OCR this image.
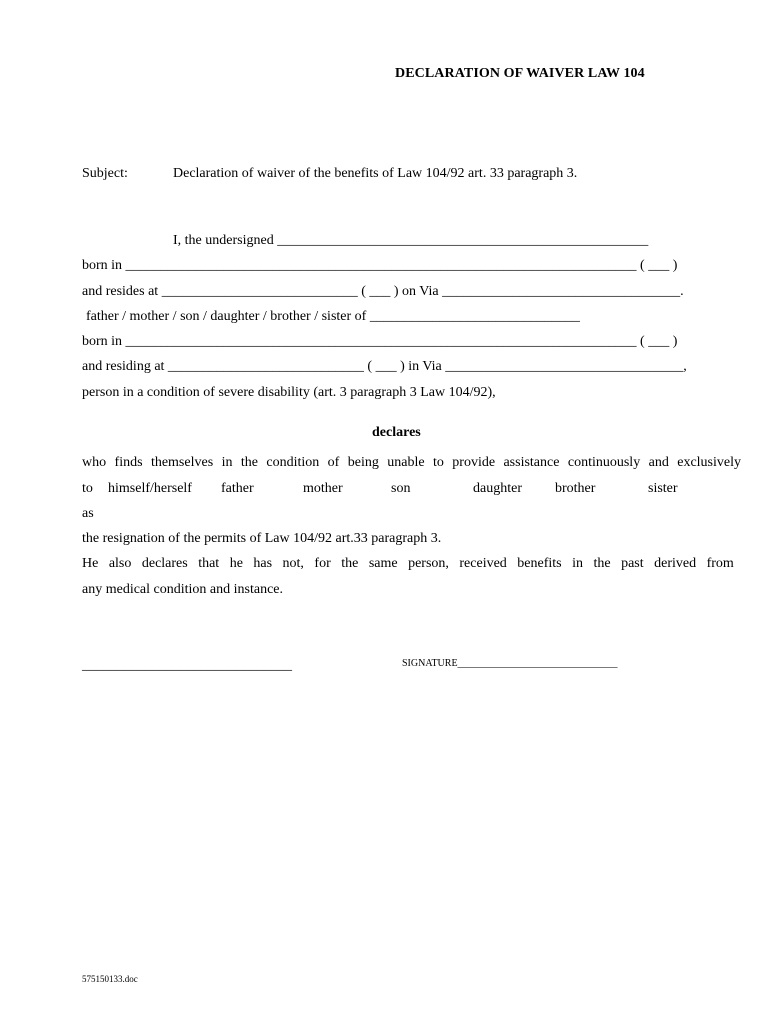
DECLARATION OF WAIVER LAW 104
Subject:	Declaration of waiver of the benefits of Law 104/92 art. 33 paragraph 3.
I, the undersigned _____________________________________________________
born in _________________________________________________________________________ ( ___ )
and resides at ____________________________ ( ___ ) on Via __________________________________.
father / mother / son / daughter / brother / sister of ______________________________
born in _________________________________________________________________________ ( ___ )
and residing at ____________________________ ( ___ ) in Via __________________________________,
person in a condition of severe disability (art. 3 paragraph 3 Law 104/92),
declares
who finds themselves in the condition of being unable to provide assistance continuously and exclusively
to himself/herself father	mother	son	daughter brother	sister
as
the resignation of the permits of Law 104/92 art.33 paragraph 3.
He also declares that he has not, for the same person, received benefits in the past derived from
any medical condition and instance.
______________________________	SIGNATURE________________________________
575150133.doc
